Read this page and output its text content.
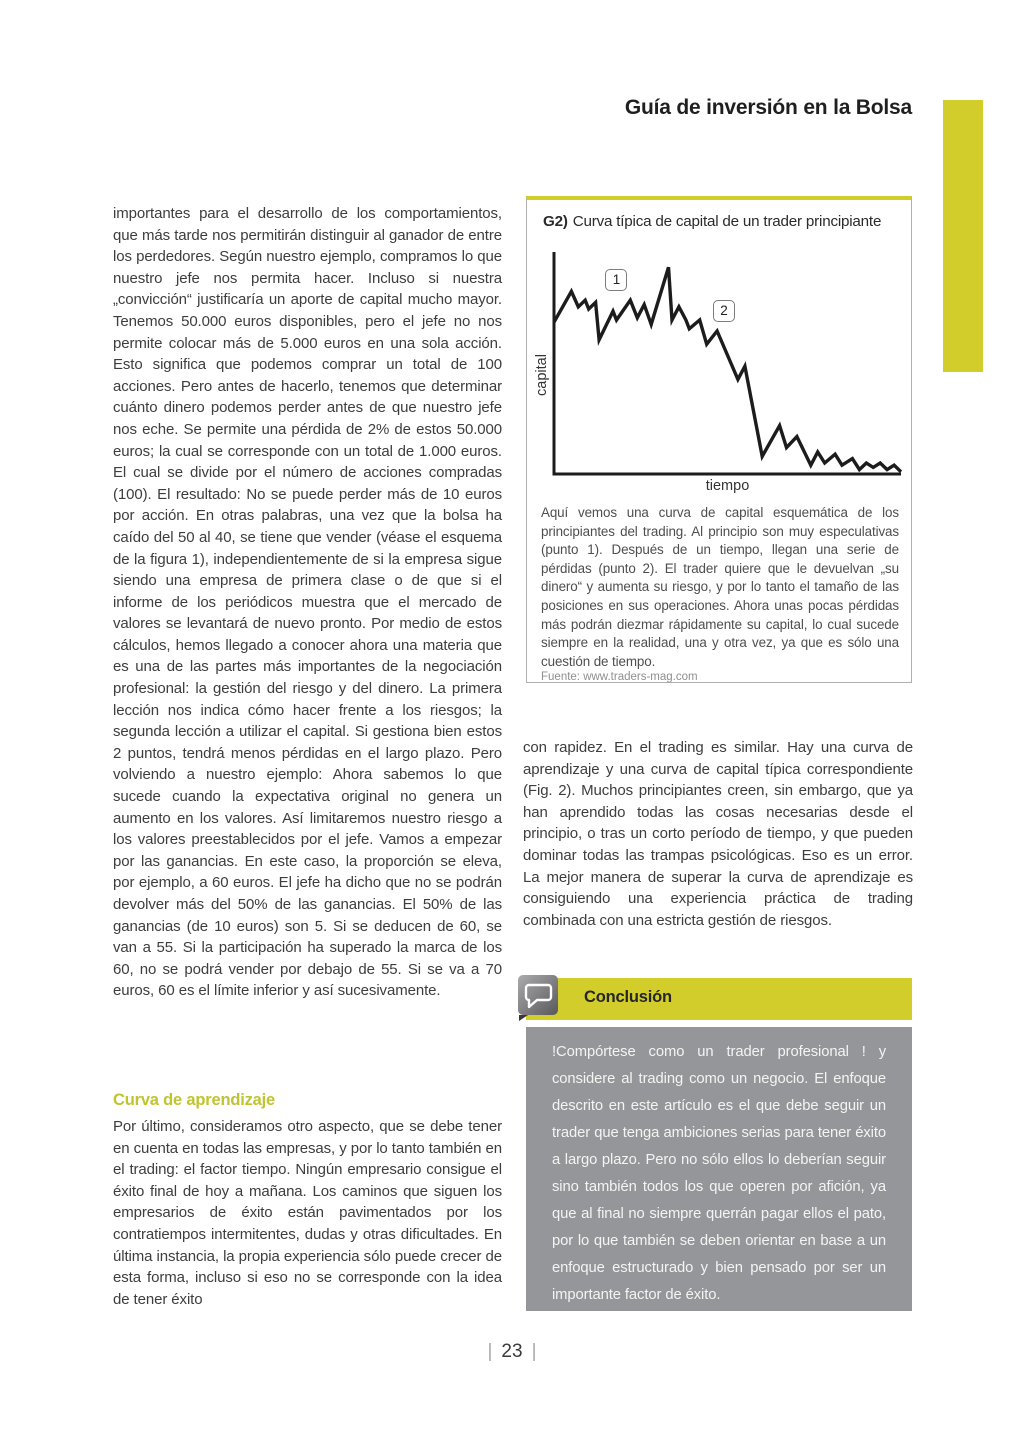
Guía de inversión en la Bolsa

importantes para el desarrollo de los comportamientos, que más tarde nos permitirán distinguir al ganador de entre los perdedores. Según nuestro ejemplo, compramos lo que nuestro jefe nos permita hacer. Incluso si nuestra „convicción“ justificaría un aporte de capital mucho mayor. Tenemos 50.000 euros disponibles, pero el jefe no nos permite colocar más de 5.000 euros en una sola acción. Esto significa que podemos comprar un total de 100 acciones. Pero antes de hacerlo, tenemos que determinar cuánto dinero podemos perder antes de que nuestro jefe nos eche. Se permite una pérdida de 2% de estos 50.000 euros; la cual se corresponde con un total de 1.000 euros. El cual se divide por el número de acciones compradas (100). El resultado: No se puede perder más de 10 euros por acción. En otras palabras, una vez que la bolsa ha caído del 50 al 40, se tiene que vender (véase el esquema de la figura 1), independientemente de si la empresa sigue siendo una empresa de primera clase o de que si el informe de los periódicos muestra que el mercado de valores se levantará de nuevo pronto. Por medio de estos cálculos, hemos llegado a conocer ahora una materia que es una de las partes más importantes de la negociación profesional: la gestión del riesgo y del dinero. La primera lección nos indica cómo hacer frente a los riesgos; la segunda lección a utilizar el capital. Si gestiona bien estos 2 puntos, tendrá menos pérdidas en el largo plazo. Pero volviendo a nuestro ejemplo: Ahora sabemos lo que sucede cuando la expectativa original no genera un aumento en los valores. Así limitaremos nuestro riesgo a los valores preestablecidos por el jefe. Vamos a empezar por las ganancias. En este caso, la proporción se eleva, por ejemplo, a 60 euros. El jefe ha dicho que no se podrán devolver más del 50% de las ganancias. El 50% de las ganancias (de 10 euros) son 5. Si se deducen de 60, se van a 55. Si la participación ha superado la marca de los 60, no se podrá vender por debajo de 55. Si se va a 70 euros, 60 es el límite inferior y así sucesivamente.

Curva de aprendizaje

Por último, consideramos otro aspecto, que se debe tener en cuenta en todas las empresas, y por lo tanto también en el trading: el factor tiempo. Ningún empresario consigue el éxito final de hoy a mañana. Los caminos que siguen los empresarios de éxito están pavimentados por los contratiempos intermitentes, dudas y otras dificultades. En última instancia, la propia experiencia sólo puede crecer de esta forma, incluso si eso no se corresponde con la idea de tener éxito

G2) Curva típica de capital de un trader principiante
1
2
capital
tiempo

Aquí vemos una curva de capital esquemática de los principiantes del trading. Al principio son muy especulativas (punto 1). Después de un tiempo, llegan una serie de pérdidas (punto 2). El trader quiere que le devuelvan „su dinero“ y aumenta su riesgo, y por lo tanto el tamaño de las posiciones en sus operaciones. Ahora unas pocas pérdidas más podrán diezmar rápidamente su capital, lo cual sucede siempre en la realidad, una y otra vez, ya que es sólo una cuestión de tiempo.

Fuente: www.traders-mag.com

con rapidez. En el trading es similar. Hay una curva de aprendizaje y una curva de capital típica correspondiente (Fig. 2). Muchos principiantes creen, sin embargo, que ya han aprendido todas las cosas necesarias desde el principio, o tras un corto período de tiempo, y que pueden dominar todas las trampas psicológicas. Eso es un error. La mejor manera de superar la curva de aprendizaje es consiguiendo una experiencia práctica de trading combinada con una estricta gestión de riesgos.

Conclusión

!Compórtese como un trader profesional ! y considere al trading como un negocio. El enfoque descrito en este artículo es el que debe seguir un trader que tenga ambiciones serias para tener éxito a largo plazo. Pero no sólo ellos lo deberían seguir sino también todos los que operen por afición, ya que al final no siempre querrán pagar ellos el pato, por lo que también se deben orientar en base a un enfoque estructurado y bien pensado por ser un importante factor de éxito.

| 23 |
